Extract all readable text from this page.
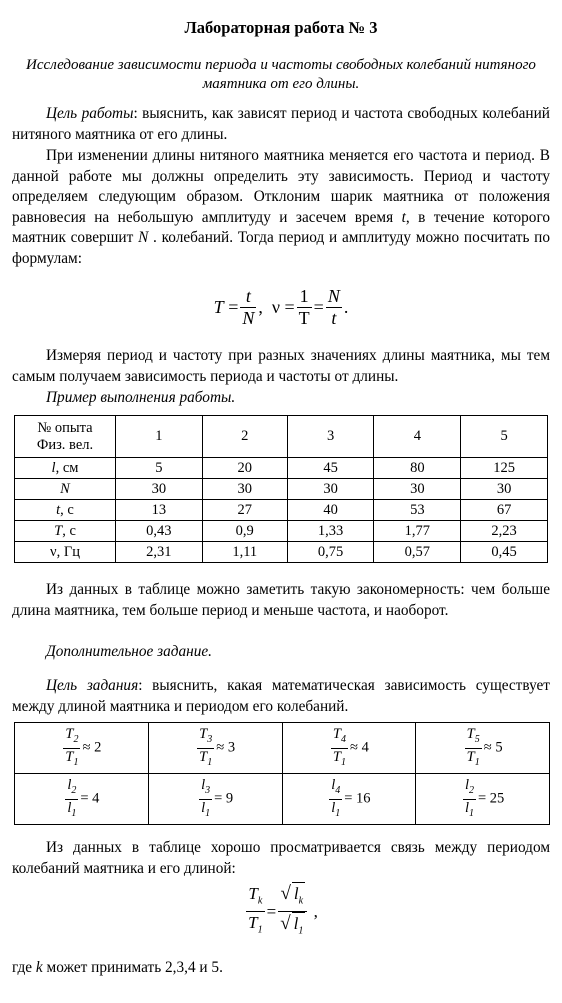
Лабораторная работа № 3
Исследование зависимости периода и частоты свободных колебаний нитяного маятника от его длины.
Цель работы: выяснить, как зависят период и частота свободных колебаний нитяного маятника от его длины.
При изменении длины нитяного маятника меняется его частота и период. В данной работе мы должны определить эту зависимость. Период и частоту определяем следующим образом. Отклоним шарик маятника от положения равновесия на небольшую амплитуду и засечем время t, в течение которого маятник совершит N . колебаний. Тогда период и амплитуду можно посчитать по формулам:
T
= $\frac{t}{N}$ ,
ν
= $\frac{1}{T} = \frac{N}{t}$ .
Измеряя период и частоту при разных значениях длины маятника, мы тем самым получаем зависимость периода и частоты от длины.
Пример выполнения работы.
№ опыта
Физ. вел.	1	2	3	4	5
l, см	5	20	45	80	125
N	30	30	30	30	30
t, с	13	27	40	53	67
T, с	0,43	0,9	1,33	1,77	2,23
ν, Гц	2,31	1,11	0,75	0,57	0,45
Из данных в таблице можно заметить такую закономерность: чем больше длина маятника, тем больше период и меньше частота, и наоборот.
Дополнительное задание.
Цель задания: выяснить, какая математическая зависимость существует между длиной маятника и периодом его колебаний.
$\frac{T_2}{T_1} \approx 2$	$\frac{T_3}{T_1} \approx 3$	$\frac{T_4}{T_1} \approx 4$	$\frac{T_5}{T_1} \approx 5$

$\frac{l_2}{l_1} = 4$	$\frac{l_3}{l_1} = 9$	$\frac{l_4}{l_1} = 16$	$\frac{l_2}{l_1} = 25$
Из данных в таблице хорошо просматривается связь между периодом колебаний маятника и его длиной:
$\frac{T_k}{T_1} = \frac{√ l_k}{√ l_1}$
,
где k может принимать 2,3,4 и 5.
